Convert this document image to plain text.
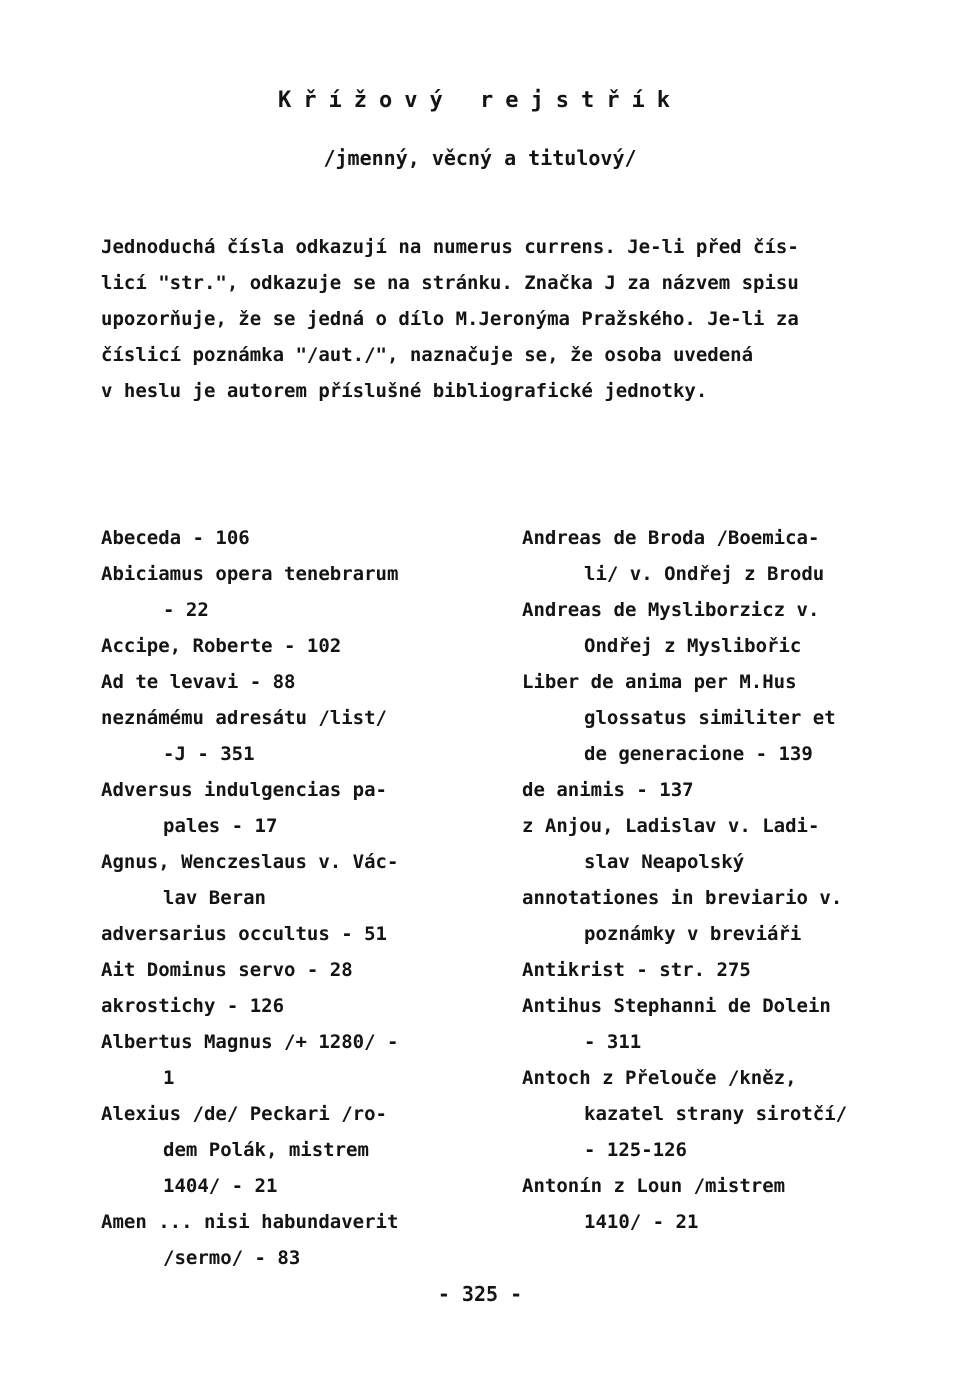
Křížový rejstřík
/jmenný, věcný a titulový/
Jednoduchá čísla odkazují na numerus currens. Je-li před čís-
licí "str.", odkazuje se na stránku. Značka J za názvem spisu
upozorňuje, že se jedná o dílo M.Jeronýma Pražského. Je-li za
číslicí poznámka "/aut./", naznačuje se, že osoba uvedená
v heslu je autorem příslušné bibliografické jednotky.
Abeceda - 106
Abiciamus opera tenebrarum
- 22
Accipe, Roberte - 102
Ad te levavi - 88
neznámému adresátu /list/
-J - 351
Adversus indulgencias pa-
pales - 17
Agnus, Wenczeslaus v. Vác-
lav Beran
adversarius occultus - 51
Ait Dominus servo - 28
akrostichy - 126
Albertus Magnus /+ 1280/ -
1
Alexius /de/ Peckari /ro-
dem Polák, mistrem
1404/ - 21
Amen ... nisi habundaverit
/sermo/ - 83
Andreas de Broda /Boemica-
li/ v. Ondřej z Brodu
Andreas de Mysliborzicz v.
Ondřej z Myslibořic
Liber de anima per M.Hus
glossatus similiter et
de generacione - 139
de animis - 137
z Anjou, Ladislav v. Ladi-
slav Neapolský
annotationes in breviario v.
poznámky v breviáři
Antikrist - str. 275
Antihus Stephanni de Dolein
- 311
Antoch z Přelouče /kněz,
kazatel strany sirotčí/
- 125-126
Antonín z Loun /mistrem
1410/ - 21
- 325 -
